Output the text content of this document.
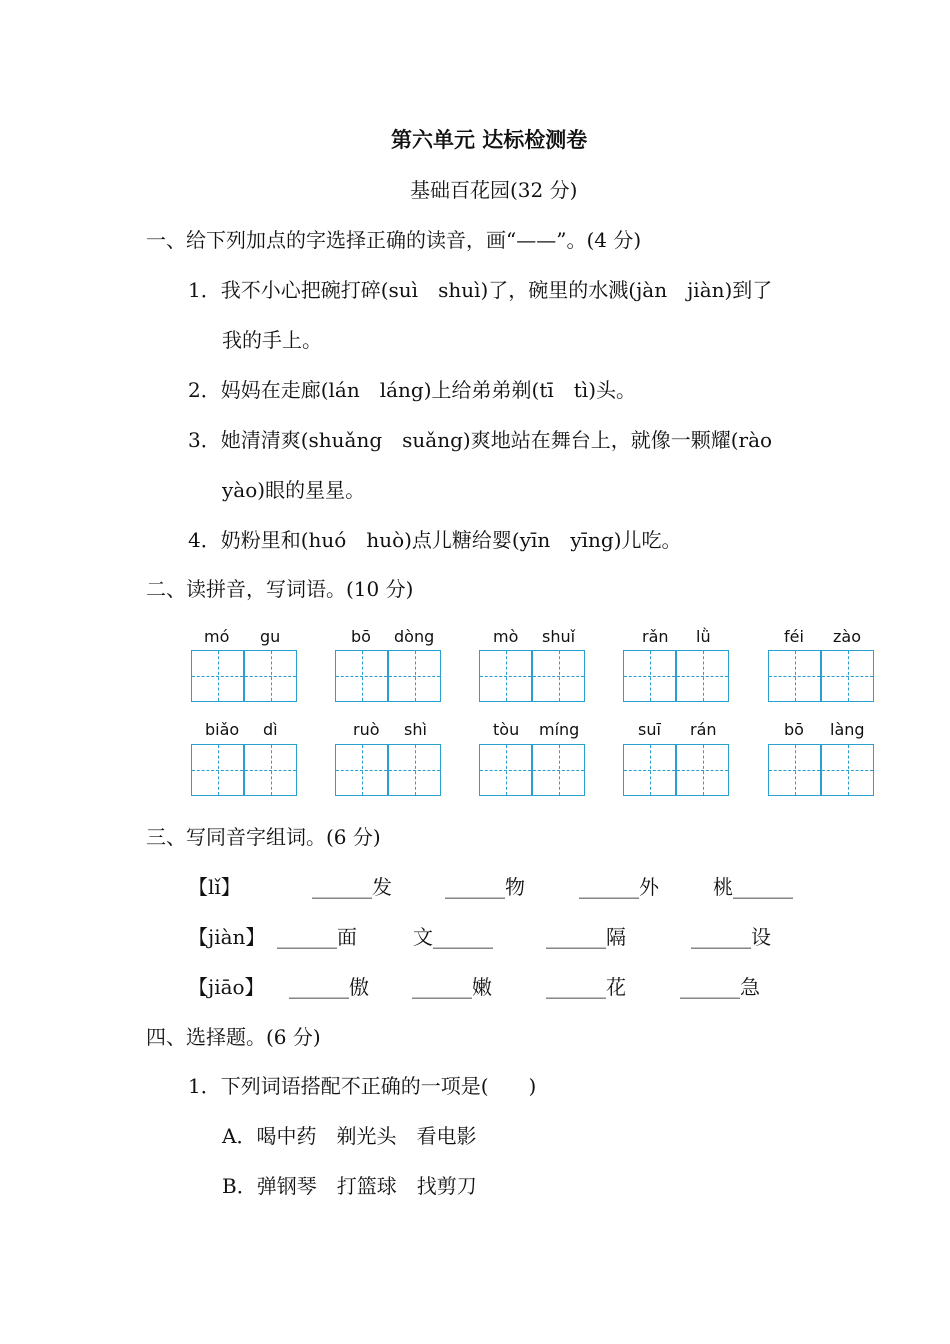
第六单元 达标检测卷
基础百花园(32 分)
一、给下列加点的字选择正确的读音，画“——”。(4 分)
1．我不小心把碗打碎(suì　shuì)了，碗里的水溅(jàn　jiàn)到了
我的手上。
2．妈妈在走廊(lán　láng)上给弟弟剃(tī　tì)头。
3．她清清爽(shuǎng　suǎng)爽地站在舞台上，就像一颗耀(rào
yào)眼的星星。
4．奶粉里和(huó　huò)点儿糖给婴(yīn　yīng)儿吃。
二、读拼音，写词语。(10 分)
mó gu	bō dòng	mò shuǐ	rǎn lǜ	féi zào
biǎo dì	ruò shì	tòu míng	suī rán	bō làng
三、写同音字组词。(6 分)
【lǐ】	______发	______物	______外	桃______
【jiàn】 ______面	文______	______隔	______设
【jiāo】 ______傲 ______嫩	______花	______急
四、选择题。(6 分)
1．下列词语搭配不正确的一项是(　　)
A．喝中药　剃光头　看电影
B．弹钢琴　打篮球　找剪刀
